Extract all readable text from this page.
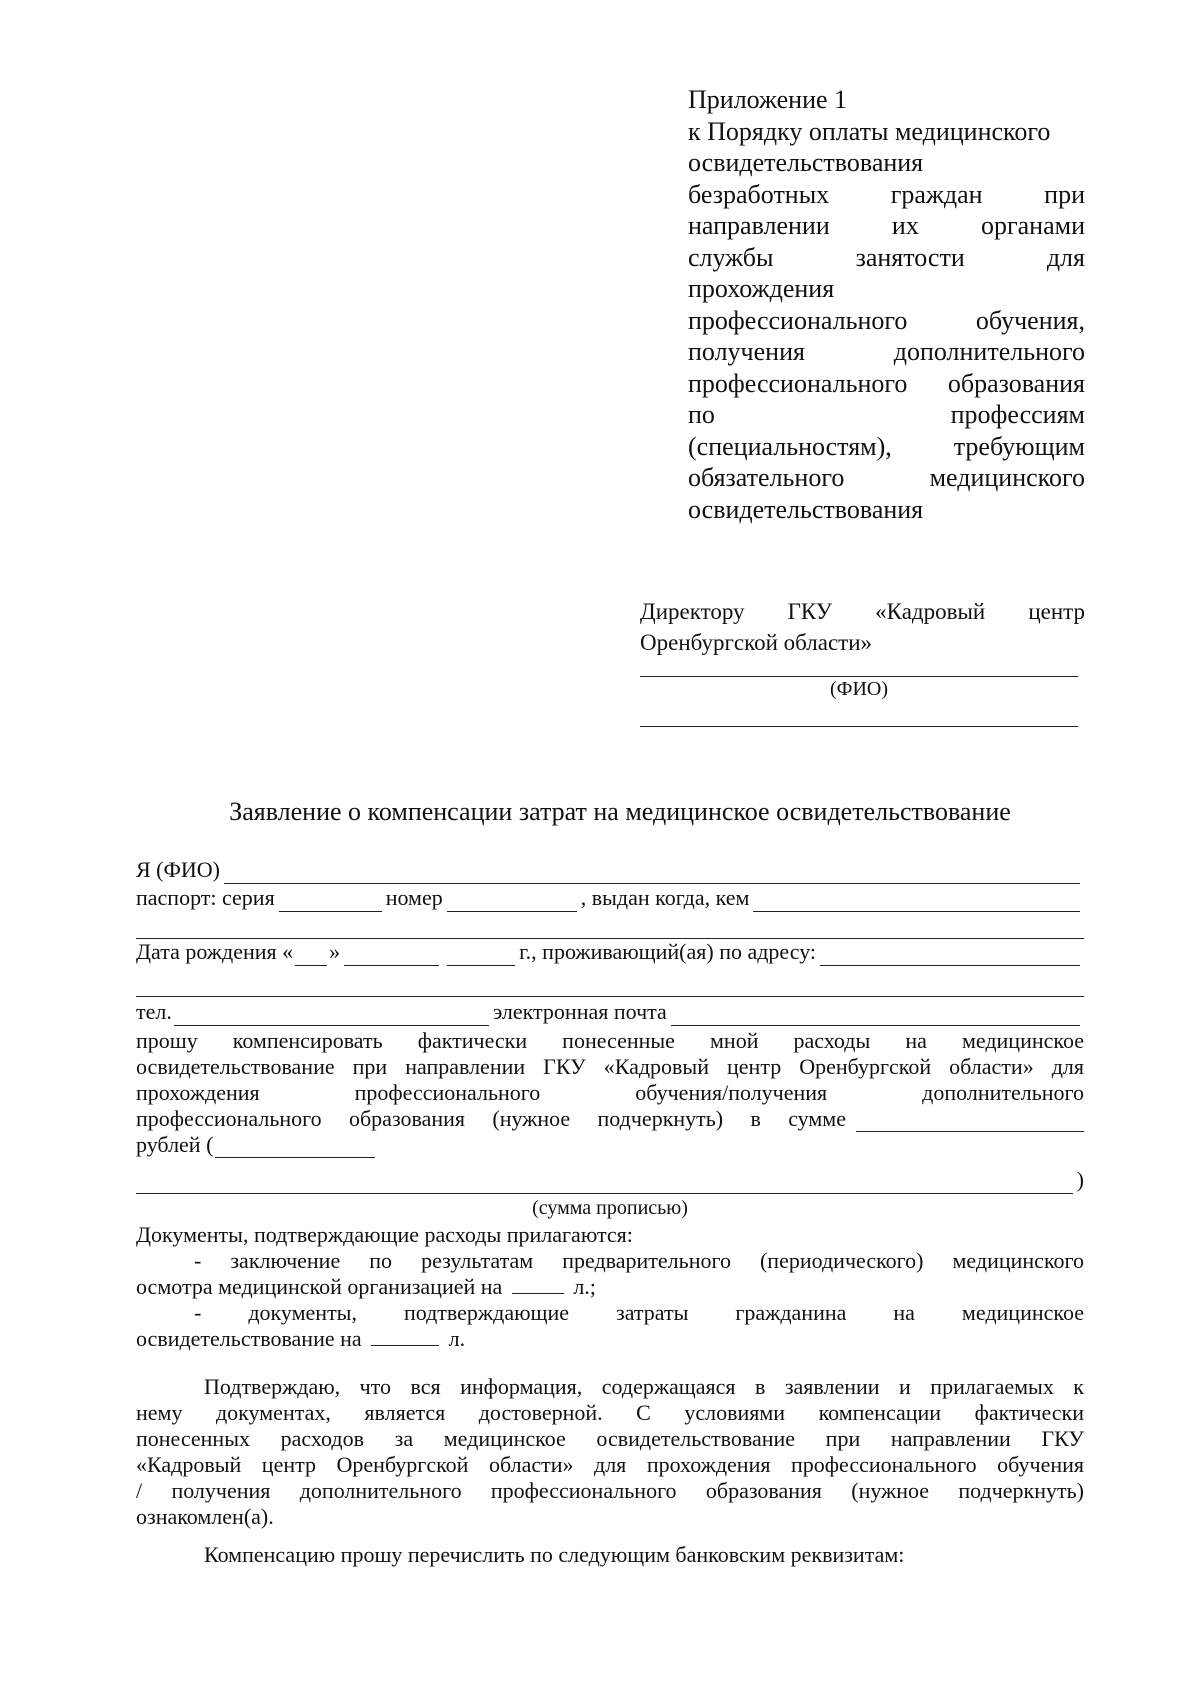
Приложение 1
к Порядку оплаты медицинского
освидетельствования
безработных граждан при
направлении их органами
службы занятости для
прохождения
профессионального обучения,
получения дополнительного
профессионального образования
по профессиям
(специальностям), требующим
обязательного медицинского
освидетельствования
Директору ГКУ «Кадровый центр
Оренбургской области»
(ФИО)
Заявление о компенсации затрат на медицинское освидетельствование
Я (ФИО)
паспорт: серия	номер	, выдан когда, кем
Дата рождения « »	г., проживающий(ая) по адресу:
тел.	электронная почта
прошу компенсировать фактически понесенные мной расходы на медицинское
освидетельствование при направлении ГКУ «Кадровый центр Оренбургской области» для
прохождения профессионального обучения/получения дополнительного
профессионального образования (нужное подчеркнуть) в сумме
рублей (
)
(сумма прописью)
Документы, подтверждающие расходы прилагаются:
- заключение по результатам предварительного (периодического) медицинского
осмотра медицинской организацией на	л.;
- документы, подтверждающие затраты гражданина на медицинское
освидетельствование на	л.
Подтверждаю, что вся информация, содержащаяся в заявлении и прилагаемых к
нему документах, является достоверной. С условиями компенсации фактически
понесенных расходов за медицинское освидетельствование при направлении ГКУ
«Кадровый центр Оренбургской области» для прохождения профессионального обучения
/ получения дополнительного профессионального образования (нужное подчеркнуть)
ознакомлен(а).
Компенсацию прошу перечислить по следующим банковским реквизитам:
